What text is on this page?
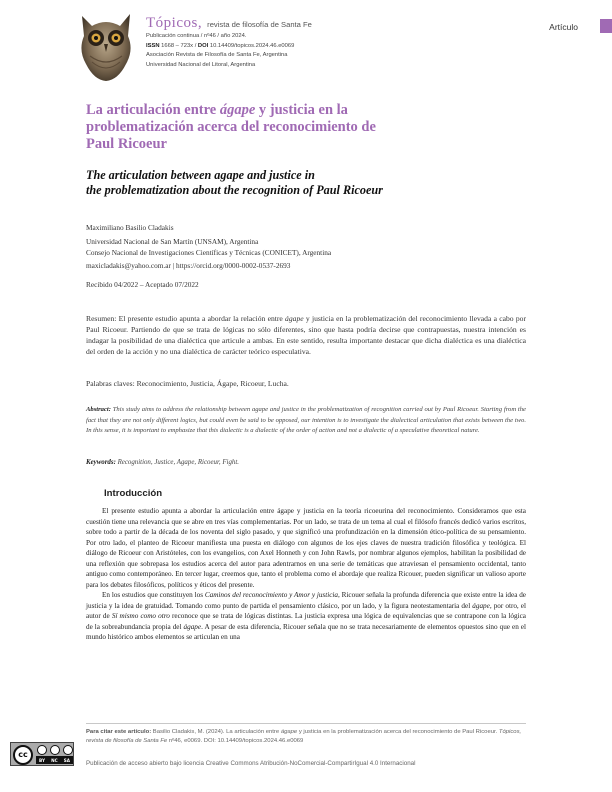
Tópicos, revista de filosofía de Santa Fe
Publicación continua / nº46 / año 2024.
ISSN 1668 – 723x / DOI 10.14409/topicos.2024.46.e0069
Asociación Revista de Filosofía de Santa Fe, Argentina
Universidad Nacional del Litoral, Argentina
Artículo
La articulación entre ágape y justicia en la problematización acerca del reconocimiento de Paul Ricoeur
The articulation between agape and justice in
the problematization about the recognition of Paul Ricoeur
Maximiliano Basilio Cladakis
Universidad Nacional de San Martín (UNSAM), Argentina
Consejo Nacional de Investigaciones Científicas y Técnicas (CONICET), Argentina
maxicladakis@yahoo.com.ar | https://orcid.org/0000-0002-0537-2693
Recibido 04/2022 – Aceptado 07/2022

Resumen: El presente estudio apunta a abordar la relación entre ágape y justicia en la problematización del reconocimiento llevada a cabo por Paul Ricoeur. Partiendo de que se trata de lógicas no sólo diferentes, sino que hasta podría decirse que contrapuestas, nuestra intención es indagar la posibilidad de una dialéctica que articule a ambas. En este sentido, resulta importante destacar que dicha dialéctica es una dialéctica del orden de la acción y no una dialéctica de carácter teórico especulativa.

Palabras claves: Reconocimiento, Justicia, Ágape, Ricoeur, Lucha.

Abstract: This study aims to address the relationship between agape and justice in the problematization of recognition carried out by Paul Ricoeur. Starting from the fact that they are not only different logics, but could even be said to be opposed, our intention is to investigate the dialectical articulation that exists between the two. In this sense, it is important to emphasize that this dialectic is a dialectic of the order of action and not a dialectic of a speculative theoretical nature.

Keywords: Recognition, Justice, Agape, Ricoeur, Fight.
Introducción

El presente estudio apunta a abordar la articulación entre ágape y justicia en la teoría ricoeurina del reconocimiento. Consideramos que esta cuestión tiene una relevancia que se abre en tres vías complementarias. Por un lado, se trata de un tema al cual el filósofo francés dedicó varios escritos, sobre todo a partir de la década de los noventa del siglo pasado, y que significó una profundización en la dimensión ético-política de su pensamiento. Por otro lado, el planteo de Ricoeur manifiesta una puesta en diálogo con algunos de los ejes claves de nuestra tradición filosófica y teológica. El diálogo de Ricoeur con Aristóteles, con los evangelios, con Axel Honneth y con John Rawls, por nombrar algunos ejemplos, habilitan la posibilidad de una reflexión que sobrepasa los estudios acerca del autor para adentrarnos en una serie de temáticas que atraviesan el pensamiento occidental, tanto antiguo como contemporáneo. En tercer lugar, creemos que, tanto el problema como el abordaje que realiza Ricouer, pueden significar un valioso aporte para los debates filosóficos, políticos y éticos del presente.

En los estudios que constituyen los Caminos del reconocimiento y Amor y justicia, Ricouer señala la profunda diferencia que existe entre la idea de justicia y la idea de gratuidad. Tomando como punto de partida el pensamiento clásico, por un lado, y la figura neotestamentaria del ágape, por otro, el autor de Sí mismo como otro reconoce que se trata de lógicas distintas. La justicia expresa una lógica de equivalencias que se contrapone con la lógica de la sobreabundancia propia del ágape. A pesar de esta diferencia, Ricouer señala que no se trata necesariamente de elementos opuestos sino que en el mundo histórico ambos elementos se articulan en una

Para citar este artículo: Basilio Cladakis, M. (2024). La articulación entre ágape y justicia en la problematización acerca del reconocimiento de Paul Ricoeur. Tópicos, revista de filosofía de Santa Fe nº46, e0069. DOI: 10.14409/topicos.2024.46.e0069
cc
BY NC SA	Publicación de acceso abierto bajo licencia Creative Commons Atribución-NoComercial-CompartirIgual 4.0 Internacional
